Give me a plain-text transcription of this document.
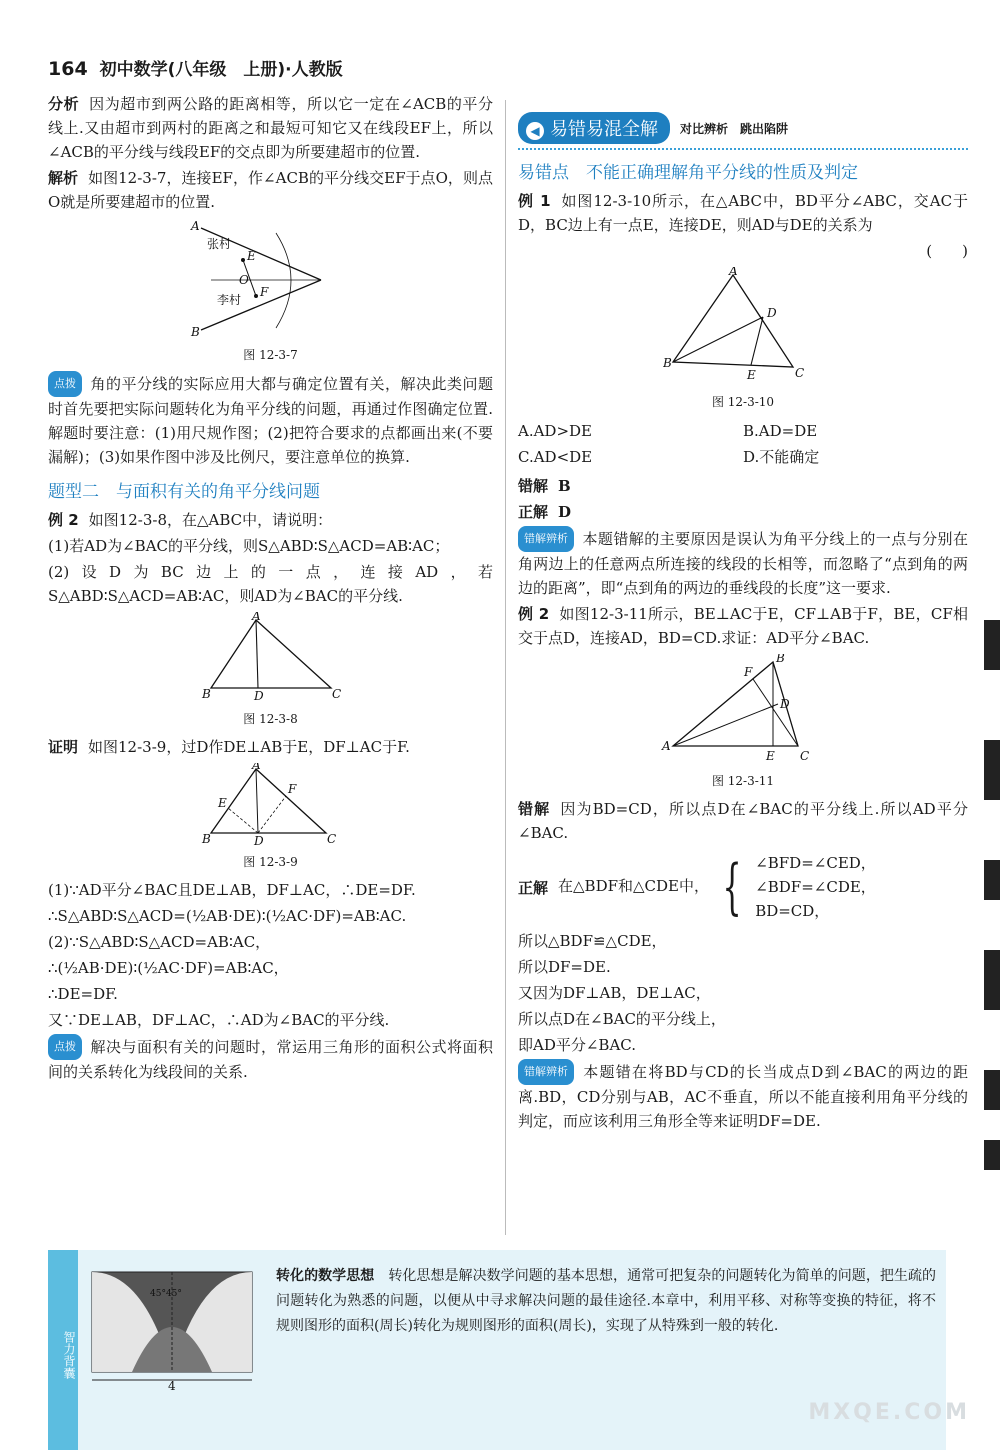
164 初中数学(八年级　上册)·人教版
分析 因为超市到两公路的距离相等，所以它一定在∠ACB的平分线上.又由超市到两村的距离之和最短可知它又在线段EF上，所以∠ACB的平分线与线段EF的交点即为所要建超市的位置.
解析 如图12-3-7，连接EF，作∠ACB的平分线交EF于点O，则点O就是所要建超市的位置.
A
B
E
F
O
张村
李村
图 12-3-7
点拨 角的平分线的实际应用大都与确定位置有关，解决此类问题时首先要把实际问题转化为角平分线的问题，再通过作图确定位置.解题时要注意：(1)用尺规作图；(2)把符合要求的点都画出来(不要漏解)；(3)如果作图中涉及比例尺，要注意单位的换算.
题型二　与面积有关的角平分线问题
例 2 如图12-3-8，在△ABC中，请说明：
(1)若AD为∠BAC的平分线，则S△ABD∶S△ACD=AB∶AC；
(2)设D为BC边上的一点，连接AD，若S△ABD∶S△ACD=AB∶AC，则AD为∠BAC的平分线.
A
B	D	C
图 12-3-8
证明 如图12-3-9，过D作DE⊥AB于E，DF⊥AC于F.
A
E
F
B	D	C
图 12-3-9
(1)∵AD平分∠BAC且DE⊥AB，DF⊥AC，∴DE=DF.
∴S△ABD∶S△ACD=(½AB·DE)∶(½AC·DF)=AB∶AC.
(2)∵S△ABD∶S△ACD=AB∶AC，
∴(½AB·DE)∶(½AC·DF)=AB∶AC，
∴DE=DF.
又∵DE⊥AB，DF⊥AC，∴AD为∠BAC的平分线.
点拨 解决与面积有关的问题时，常运用三角形的面积公式将面积间的关系转化为线段间的关系.
◀ 易错易混全解	对比辨析　跳出陷阱
易错点　不能正确理解角平分线的性质及判定
例 1 如图12-3-10所示，在△ABC中，BD平分∠ABC，交AC于D，BC边上有一点E，连接DE，则AD与DE的关系为
(　　)
A
D
B
E	C
图 12-3-10
A.AD>DE	B.AD=DE
C.AD<DE	D.不能确定
错解 B
正解 D
错解辨析 本题错解的主要原因是误认为角平分线上的一点与分别在角两边上的任意两点所连接的线段的长相等，而忽略了“点到角的两边的距离”，即“点到角的两边的垂线段的长度”这一要求.
例 2 如图12-3-11所示，BE⊥AC于E，CF⊥AB于F，BE，CF相交于点D，连接AD，BD=CD.求证：AD平分∠BAC.
B
F
D
A
E C
图 12-3-11
错解 因为BD=CD，所以点D在∠BAC的平分线上.所以AD平分∠BAC.
正解 在△BDF和△CDE中， { ∠BFD=∠CED，
∠BDF=∠CDE，
BD=CD，
所以△BDF≌△CDE，
所以DF=DE.
又因为DF⊥AB，DE⊥AC，
所以点D在∠BAC的平分线上，
即AD平分∠BAC.
错解辨析 本题错在将BD与CD的长当成点D到∠BAC的两边的距离.BD，CD分别与AB，AC不垂直，所以不能直接利用角平分线的判定，而应该利用三角形全等来证明DF=DE.
智力背囊
45°45°
4
转化的数学思想 转化思想是解决数学问题的基本思想，通常可把复杂的问题转化为简单的问题，把生疏的问题转化为熟悉的问题，以便从中寻求解决问题的最佳途径.本章中，利用平移、对称等变换的特征，将不规则图形的面积(周长)转化为规则图形的面积(周长)，实现了从特殊到一般的转化.
MXQE.COM
